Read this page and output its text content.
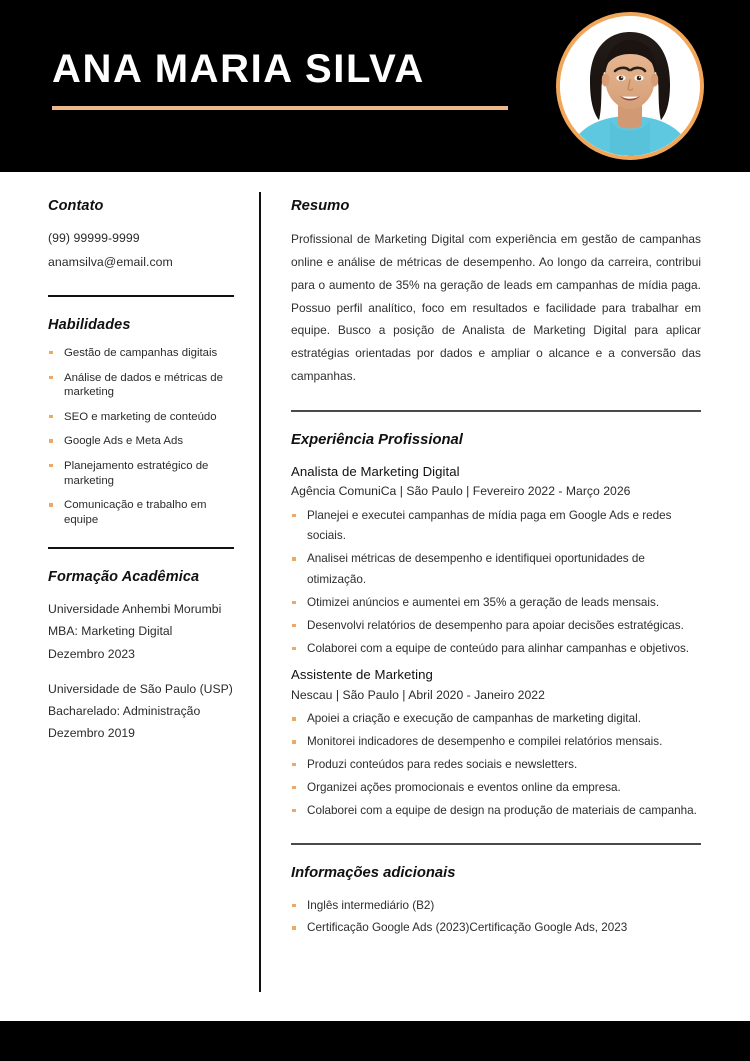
ANA MARIA SILVA
Contato
(99) 99999-9999
anamsilva@email.com
Habilidades
Gestão de campanhas digitais
Análise de dados e métricas de marketing
SEO e marketing de conteúdo
Google Ads e Meta Ads
Planejamento estratégico de marketing
Comunicação e trabalho em equipe
Formação Acadêmica
Universidade Anhembi Morumbi
MBA: Marketing Digital
Dezembro 2023
Universidade de São Paulo (USP)
Bacharelado: Administração
Dezembro 2019
Resumo

Profissional de Marketing Digital com experiência em gestão de campanhas online e análise de métricas de desempenho. Ao longo da carreira, contribui para o aumento de 35% na geração de leads em campanhas de mídia paga. Possuo perfil analítico, foco em resultados e facilidade para trabalhar em equipe. Busco a posição de Analista de Marketing Digital para aplicar estratégias orientadas por dados e ampliar o alcance e a conversão das campanhas.

Experiência Profissional
Analista de Marketing Digital
Agência ComuniCa | São Paulo | Fevereiro 2022 - Março 2026
Planejei e executei campanhas de mídia paga em Google Ads e redes sociais.
Analisei métricas de desempenho e identifiquei oportunidades de otimização.
Otimizei anúncios e aumentei em 35% a geração de leads mensais.
Desenvolvi relatórios de desempenho para apoiar decisões estratégicas.
Colaborei com a equipe de conteúdo para alinhar campanhas e objetivos.
Assistente de Marketing
Nescau | São Paulo | Abril 2020 - Janeiro 2022
Apoiei a criação e execução de campanhas de marketing digital.
Monitorei indicadores de desempenho e compilei relatórios mensais.
Produzi conteúdos para redes sociais e newsletters.
Organizei ações promocionais e eventos online da empresa.
Colaborei com a equipe de design na produção de materiais de campanha.
Informações adicionais
Inglês intermediário (B2)
Certificação Google Ads (2023)Certificação Google Ads, 2023
